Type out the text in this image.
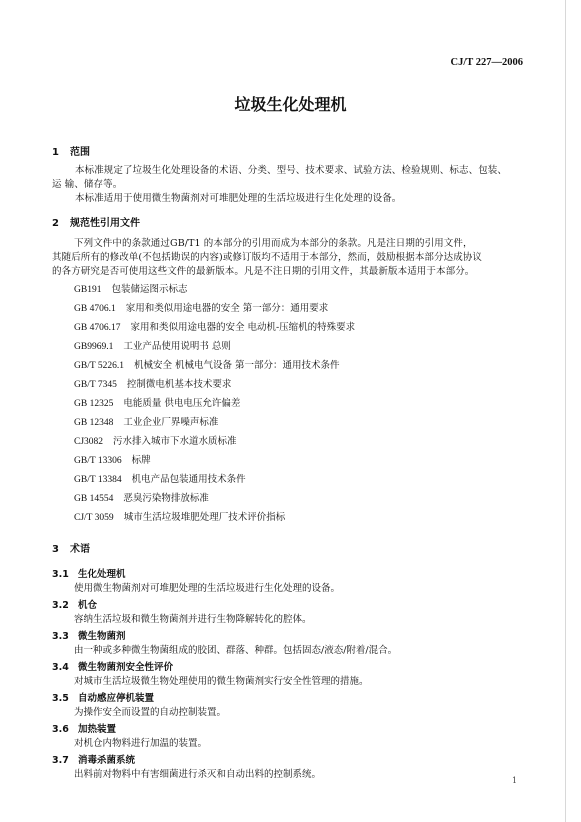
CJ/T 227—2006
垃圾生化处理机
1 范围
本标准规定了垃圾生化处理设备的术语、分类、型号、技术要求、试验方法、检验规则、标志、包装、
运 输、储存等。
本标准适用于使用微生物菌剂对可堆肥处理的生活垃圾进行生化处理的设备。
2 规范性引用文件
下列文件中的条款通过GB/T1 的本部分的引用而成为本部分的条款。凡是注日期的引用文件，
其随后所有的修改单(不包括勘误的内容)或修订版均不适用于本部分，然而，鼓励根据本部分达成协议
的各方研究是否可使用这些文件的最新版本。凡是不注日期的引用文件，其最新版本适用于本部分。
GB191 包装储运图示标志
GB 4706.1 家用和类似用途电器的安全 第一部分：通用要求
GB 4706.17 家用和类似用途电器的安全 电动机-压缩机的特殊要求
GB9969.1 工业产品使用说明书 总则
GB/T 5226.1 机械安全 机械电气设备 第一部分：通用技术条件
GB/T 7345 控制微电机基本技术要求
GB 12325 电能质量 供电电压允许偏差
GB 12348 工业企业厂界噪声标准
CJ3082 污水排入城市下水道水质标准
GB/T 13306 标牌
GB/T 13384 机电产品包装通用技术条件
GB 14554 恶臭污染物排放标准
CJ/T 3059 城市生活垃圾堆肥处理厂技术评价指标
3 术语
3.1 生化处理机
使用微生物菌剂对可堆肥处理的生活垃圾进行生化处理的设备。
3.2 机仓
容纳生活垃圾和微生物菌剂并进行生物降解转化的腔体。
3.3 微生物菌剂
由一种或多种微生物菌组成的胶团、群落、种群。包括固态/液态/附着/混合。
3.4 微生物菌剂安全性评价
对城市生活垃圾微生物处理使用的微生物菌剂实行安全性管理的措施。
3.5 自动感应停机装置
为操作安全而设置的自动控制装置。
3.6 加热装置
对机仓内物料进行加温的装置。
3.7 消毒杀菌系统
出料前对物料中有害细菌进行杀灭和自动出料的控制系统。
1
